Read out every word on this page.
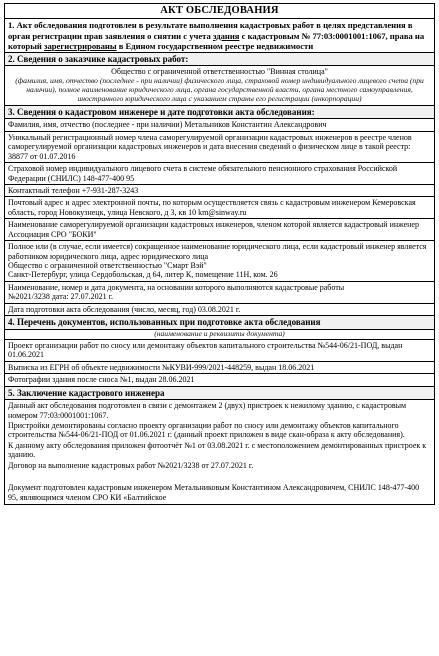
АКТ ОБСЛЕДОВАНИЯ
1. Акт обследования подготовлен в результате выполнения кадастровых работ в целях представления в орган регистрации прав заявления о снятии с учета здания с кадастровым № 77:03:0001001:1067, права на который зарегистрированы в Едином государственном реестре недвижимости
2. Сведения о заказчике кадастровых работ:
Общество с ограниченной ответственностью "Винная столица"
(фамилия, имя, отчество (последнее - при наличии) физического лица, страховой номер индивидуального лицевого счета (при наличии), полное наименование юридического лица, органа государственной власти, органа местного самоуправления, иностранного юридического лица с указанием страны его регистрации (инкорпорации)
3. Сведения о кадастровом инженере и дате подготовки акта обследования:
Фамилия, имя, отчество (последнее - при наличии) Метальников Константин Александрович
Уникальный регистрационный номер члена саморегулируемой организации кадастровых инженеров в реестре членов саморегулируемой организации кадастровых инженеров и дата внесения сведений о физическом лице в такой реестр:
38877 от 01.07.2016
Страховой номер индивидуального лицевого счета в системе обязательного пенсионного страхования Российской Федерации (СНИЛС) 148-477-400 95
Контактный телефон +7-931-287-3243
Почтовый адрес и адрес электронной почты, по которым осуществляется связь с кадастровым инженером Кемеровская область, город Новокузнецк, улица Невского, д 3, кв 10 km@sinway.ru
Наименование саморегулируемой организации кадастровых инженеров, членом которой является кадастровый инженер Ассоциация СРО "БОКИ"
Полное или (в случае, если имеется) сокращенное наименование юридического лица, если кадастровый инженер является работником юридического лица, адрес юридического лица
Общество с ограниченной ответственностью "Смарт Вэй"
Санкт-Петербург, улица Сердобольская, д 64, литер К, помещение 11Н, ком. 26
Наименование, номер и дата документа, на основании которого выполняются кадастровые работы
№2021/3238 дата: 27.07.2021 г.
Дата подготовки акта обследования (число, месяц, год) 03.08.2021 г.
4. Перечень документов, использованных при подготовке акта обследования
(наименование и реквизиты документа)
Проект организации работ по сносу или демонтажу объектов капитального строительства №544-06/21-ПОД, выдан 01.06.2021
Выписка из ЕГРН об объекте недвижимости №КУВИ-999/2021-448259, выдан 18.06.2021
Фотографии здания после сноса №1, выдан 28.06.2021
5. Заключение кадастрового инженера

Данный акт обследования подготовлен в связи с демонтажем 2 (двух) пристроек к нежилому зданию, с кадастровым номером 77:03:0001001:1067.

Пристройки демонтированы согласно проекту организации работ по сносу или демонтажу объектов капитального строительства №544-06/21-ПОД от 01.06.2021 г. (данный проект приложен в виде скан-образа к акту обследования).

К данному акту обследования приложен фотоотчёт №1 от 03.08.2021 г. с местоположением демонтированных пристроек к зданию.

Договор на выполнение кадастровых работ №2021/3238 от 27.07.2021 г.

Документ подготовлен кадастровым инженером Метальниковым Константином Александровичем, СНИЛС 148-477-400 95, являющимся членом СРО КИ «Балтийское
